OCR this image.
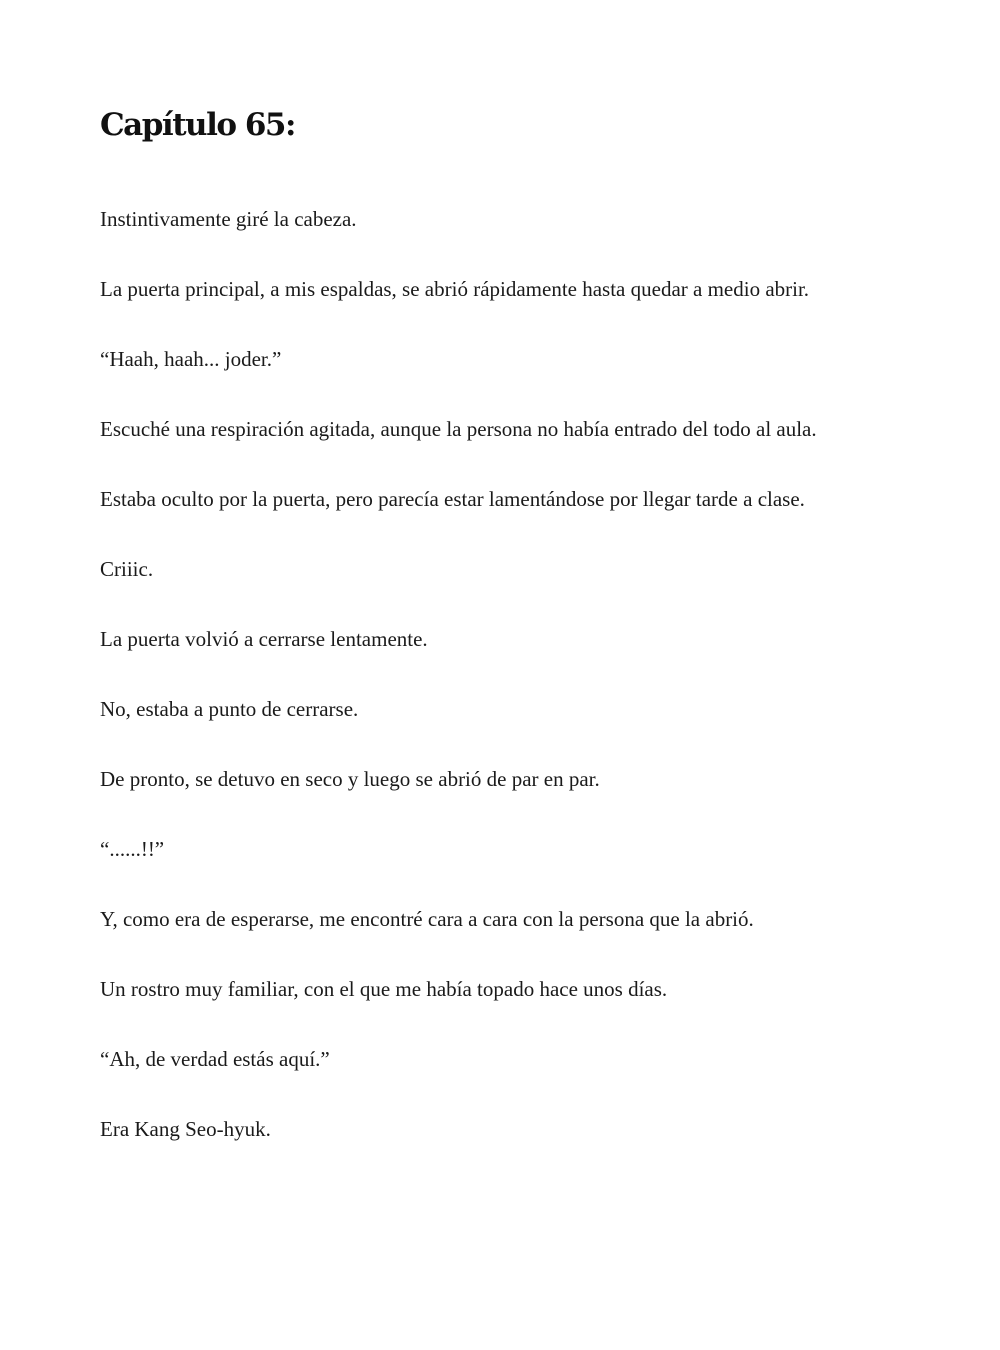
Capítulo 65:

Instintivamente giré la cabeza.

La puerta principal, a mis espaldas, se abrió rápidamente hasta quedar a medio abrir.

“Haah, haah... joder.”

Escuché una respiración agitada, aunque la persona no había entrado del todo al aula.

Estaba oculto por la puerta, pero parecía estar lamentándose por llegar tarde a clase.

Criiic.

La puerta volvió a cerrarse lentamente.

No, estaba a punto de cerrarse.

De pronto, se detuvo en seco y luego se abrió de par en par.

“......!!”

Y, como era de esperarse, me encontré cara a cara con la persona que la abrió.

Un rostro muy familiar, con el que me había topado hace unos días.

“Ah, de verdad estás aquí.”

Era Kang Seo-hyuk.
